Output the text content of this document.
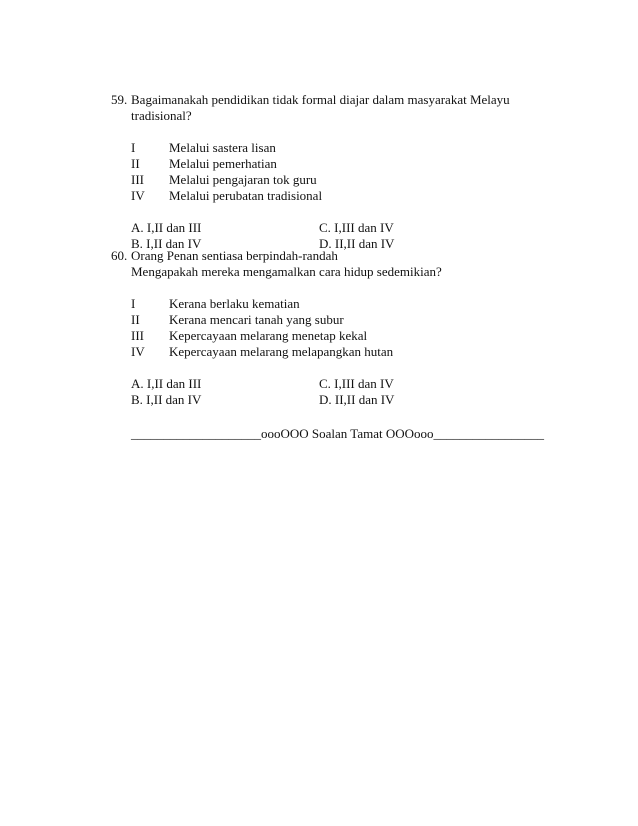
59. Bagaimanakah pendidikan tidak formal diajar dalam masyarakat Melayu
tradisional?
I	Melalui sastera lisan
II	Melalui pemerhatian
III	Melalui pengajaran tok guru
IV	Melalui perubatan tradisional
A. I,II dan III	C. I,III dan IV
B. I,II dan IV	D. II,II dan IV
60. Orang Penan sentiasa berpindah-randah
Mengapakah mereka mengamalkan cara hidup sedemikian?
I	Kerana berlaku kematian
II	Kerana mencari tanah yang subur
III	Kepercayaan melarang menetap kekal
IV	Kepercayaan melarang melapangkan hutan
A. I,II dan III	C. I,III dan IV
B. I,II dan IV	D. II,II dan IV
____________________oooOOO Soalan Tamat OOOooo_________________
